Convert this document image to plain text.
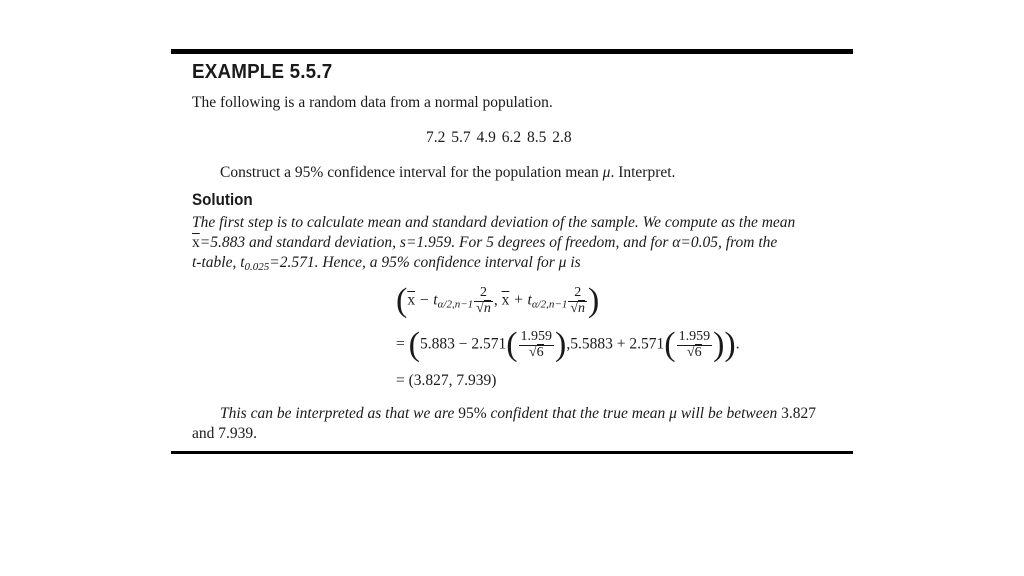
EXAMPLE 5.5.7
The following is a random data from a normal population.
7.2 5.7 4.9 6.2 8.5 2.8
Construct a 95% confidence interval for the population mean μ. Interpret.
Solution
The first step is to calculate mean and standard deviation of the sample. We compute as the mean
$\overline{x}=5.883$ and standard deviation, s=1.959. For 5 degrees of freedom, and for α=0.05, from the
t-table, $t_{0.025}=2.571$. Hence, a 95% confidence interval for μ is
($\overline{x} - t_{\alpha/2,n-1} \frac{2}{√n}$ , $\overline{x} + t_{\alpha/2,n-1} \frac{2}{√n}$ )
= ($5.883 - 2.571( \frac{1.959}{√6} ),5.5883 + 2.571( \frac{1.959}{√6}$ )).
= (3.827, 7.939)
This can be interpreted as that we are 95% confident that the true mean μ will be between 3.827
and 7.939.
